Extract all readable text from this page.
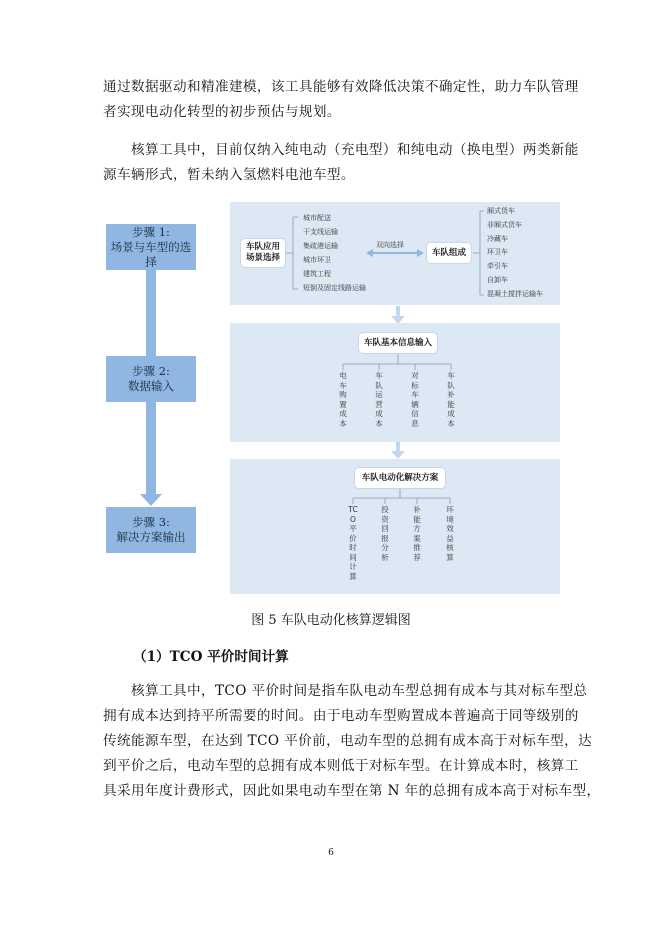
通过数据驱动和精准建模，该工具能够有效降低决策不确定性，助力车队管理

者实现电动化转型的初步预估与规划。

核算工具中，目前仅纳入纯电动（充电型）和纯电动（换电型）两类新能

源车辆形式，暂未纳入氢燃料电池车型。

步骤 1:
场景与车型的选择
步骤 2:
数据输入
步骤 3:
解决方案输出
车队应用场景选择
城市配送
干支线运输
集疏港运输
城市环卫
建筑工程
短倒及固定线路运输
双向选择
车队组成
厢式货车
非厢式货车
冷藏车
环卫车
牵引车
自卸车
混凝土搅拌运输车
车队基本信息输入
电车购置成本
车队运营成本
对标车辆信息
车队补能成本
车队电动化解决方案
TCO平价时间计算
投资回报分析
补能方案推荐
环境效益核算
图 5 车队电动化核算逻辑图
（1）TCO 平价时间计算

核算工具中，TCO 平价时间是指车队电动车型总拥有成本与其对标车型总

拥有成本达到持平所需要的时间。由于电动车型购置成本普遍高于同等级别的

传统能源车型，在达到 TCO 平价前，电动车型的总拥有成本高于对标车型，达

到平价之后，电动车型的总拥有成本则低于对标车型。在计算成本时，核算工

具采用年度计费形式，因此如果电动车型在第 N 年的总拥有成本高于对标车型，

6
